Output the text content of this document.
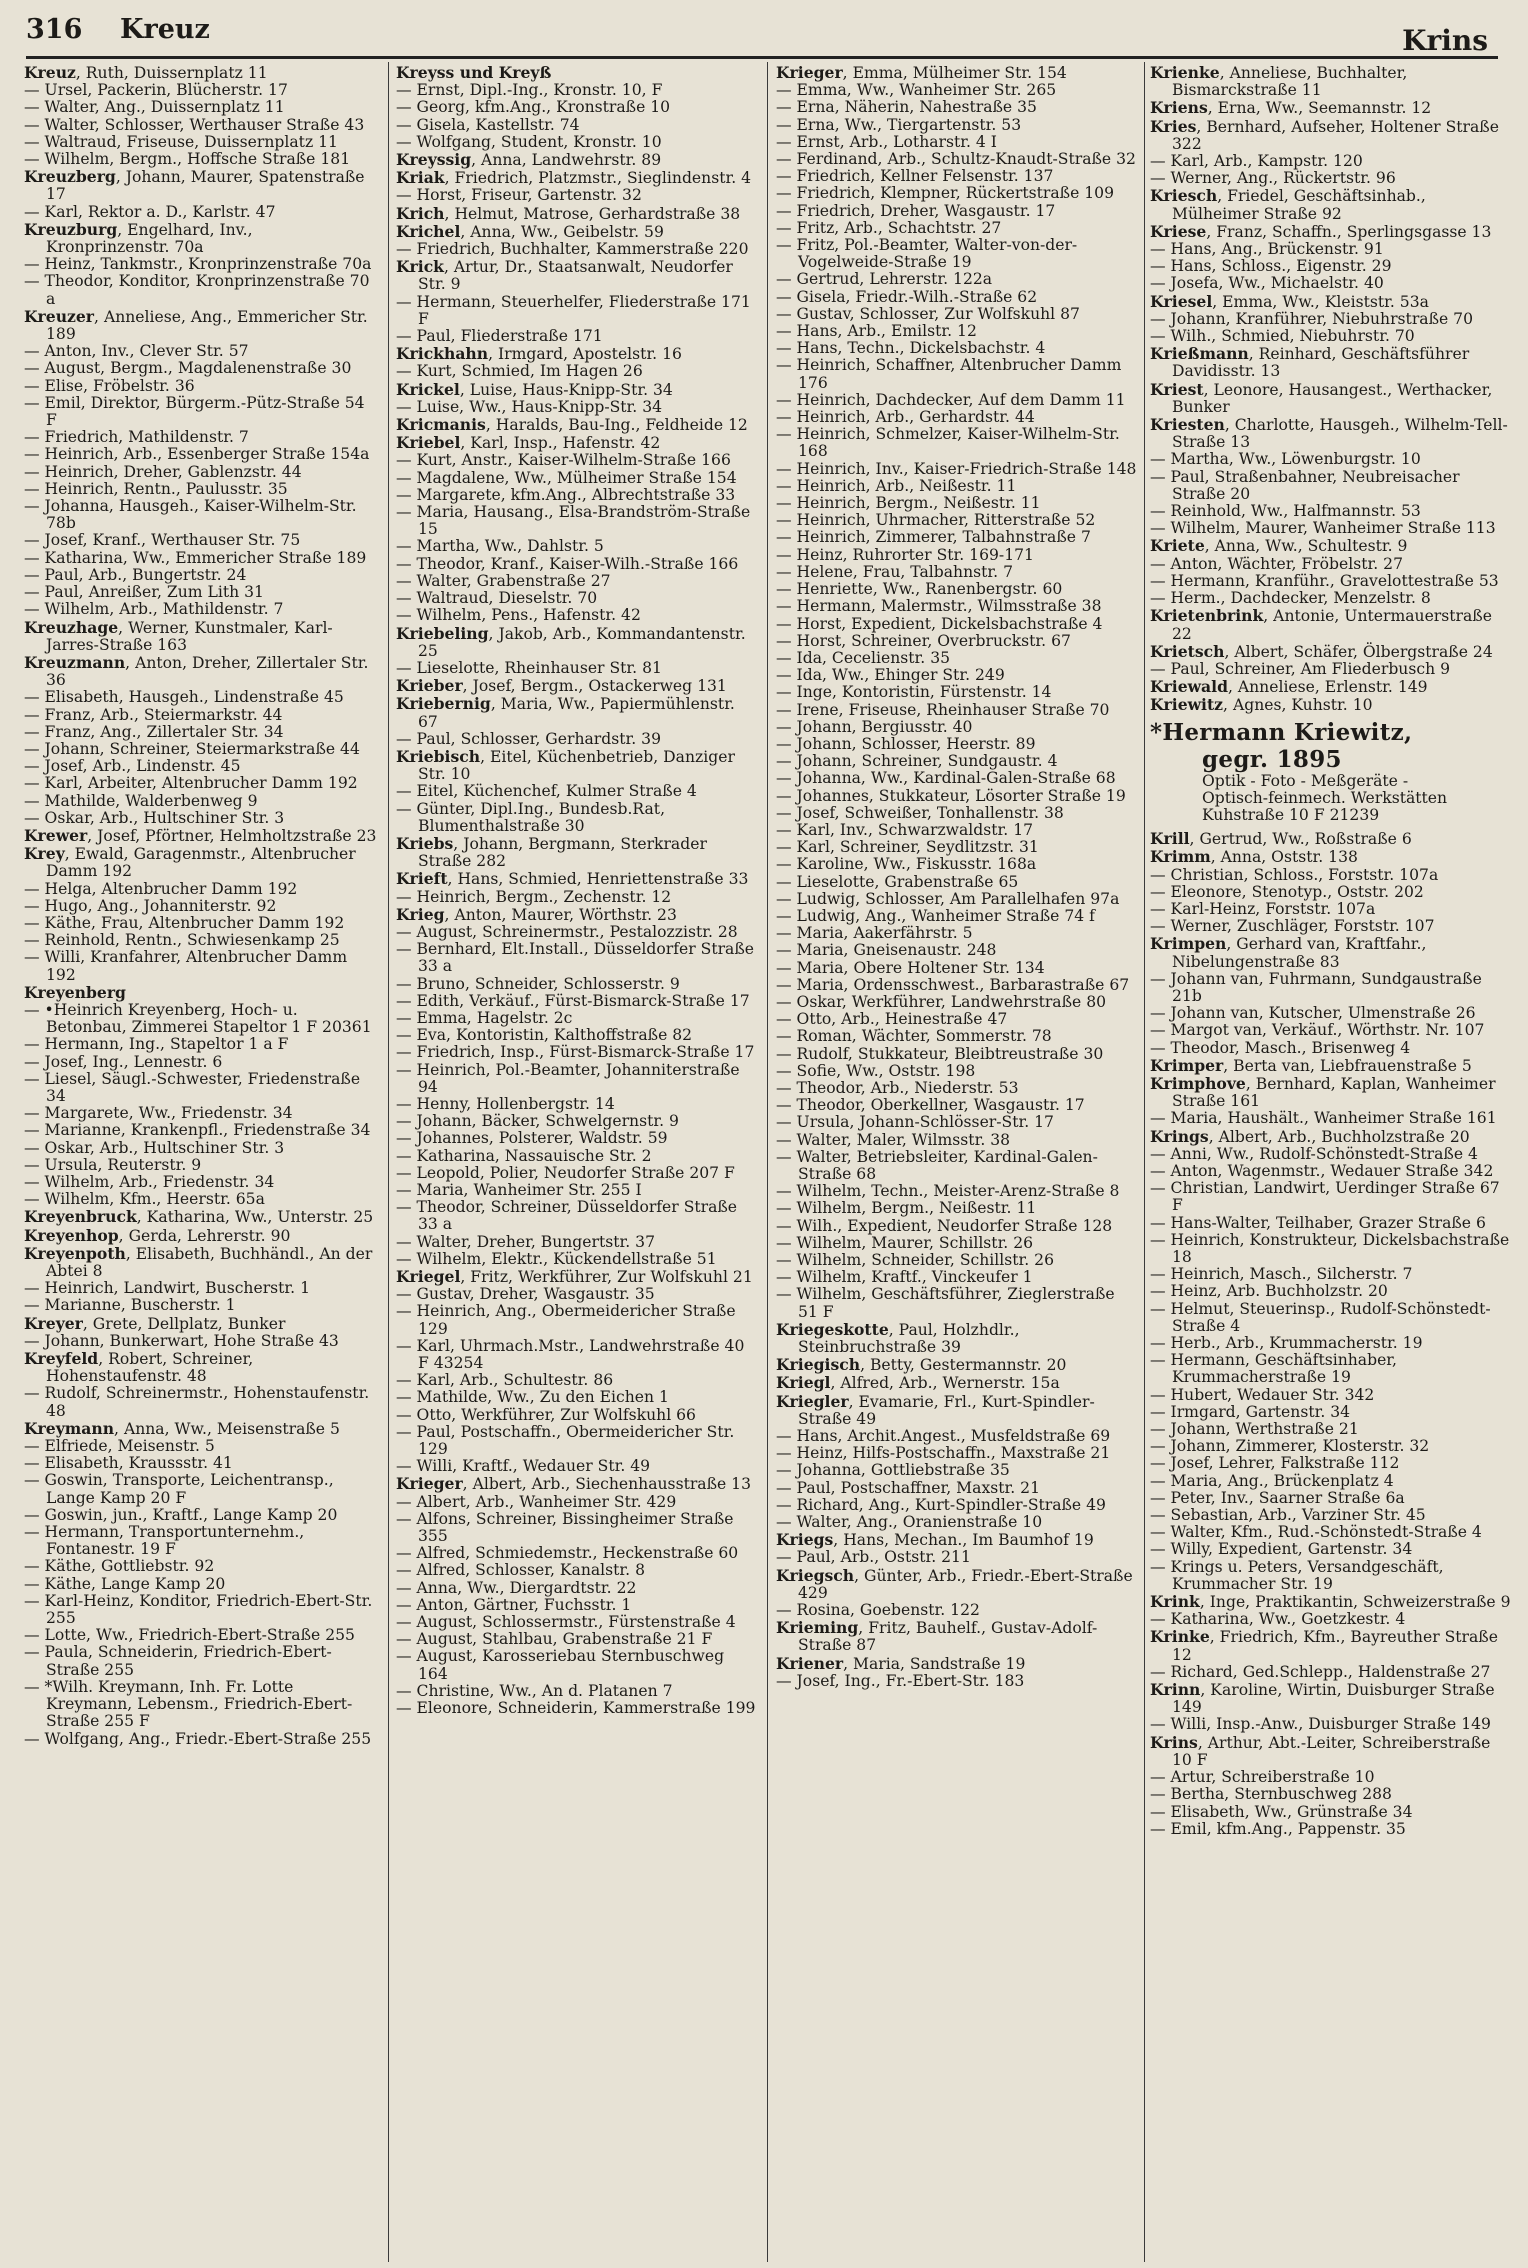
316 Kreuz	Krins

Kreuz, Ruth, Duissernplatz 11

— Ursel, Packerin, Blücherstr. 17

— Walter, Ang., Duissernplatz 11

— Walter, Schlosser, Werthauser Straße 43

— Waltraud, Friseuse, Duissernplatz 11

— Wilhelm, Bergm., Hoffsche Straße 181

Kreuzberg, Johann, Maurer, Spatenstraße 17

— Karl, Rektor a. D., Karlstr. 47

Kreuzburg, Engelhard, Inv., Kronprinzenstr. 70a

— Heinz, Tankmstr., Kronprinzenstraße 70a

— Theodor, Konditor, Kronprinzenstraße 70 a

Kreuzer, Anneliese, Ang., Emmericher Str. 189

— Anton, Inv., Clever Str. 57

— August, Bergm., Magdalenenstraße 30

— Elise, Fröbelstr. 36

— Emil, Direktor, Bürgerm.-Pütz-Straße 54 F

— Friedrich, Mathildenstr. 7

— Heinrich, Arb., Essenberger Straße 154a

— Heinrich, Dreher, Gablenzstr. 44

— Heinrich, Rentn., Paulusstr. 35

— Johanna, Hausgeh., Kaiser-Wilhelm-Str. 78b

— Josef, Kranf., Werthauser Str. 75

— Katharina, Ww., Emmericher Straße 189

— Paul, Arb., Bungertstr. 24

— Paul, Anreißer, Zum Lith 31

— Wilhelm, Arb., Mathildenstr. 7

Kreuzhage, Werner, Kunstmaler, Karl-Jarres-Straße 163

Kreuzmann, Anton, Dreher, Zillertaler Str. 36

— Elisabeth, Hausgeh., Lindenstraße 45

— Franz, Arb., Steiermarkstr. 44

— Franz, Ang., Zillertaler Str. 34

— Johann, Schreiner, Steiermarkstraße 44

— Josef, Arb., Lindenstr. 45

— Karl, Arbeiter, Altenbrucher Damm 192

— Mathilde, Walderbenweg 9

— Oskar, Arb., Hultschiner Str. 3

Krewer, Josef, Pförtner, Helmholtzstraße 23

Krey, Ewald, Garagenmstr., Altenbrucher Damm 192

— Helga, Altenbrucher Damm 192

— Hugo, Ang., Johanniterstr. 92

— Käthe, Frau, Altenbrucher Damm 192

— Reinhold, Rentn., Schwiesenkamp 25

— Willi, Kranfahrer, Altenbrucher Damm 192

Kreyenberg

— •Heinrich Kreyenberg, Hoch- u. Betonbau, Zimmerei Stapeltor 1 F 20361

— Hermann, Ing., Stapeltor 1 a F

— Josef, Ing., Lennestr. 6

— Liesel, Säugl.-Schwester, Friedenstraße 34

— Margarete, Ww., Friedenstr. 34

— Marianne, Krankenpfl., Friedenstraße 34

— Oskar, Arb., Hultschiner Str. 3

— Ursula, Reuterstr. 9

— Wilhelm, Arb., Friedenstr. 34

— Wilhelm, Kfm., Heerstr. 65a

Kreyenbruck, Katharina, Ww., Unterstr. 25

Kreyenhop, Gerda, Lehrerstr. 90

Kreyenpoth, Elisabeth, Buchhändl., An der Abtei 8

— Heinrich, Landwirt, Buscherstr. 1

— Marianne, Buscherstr. 1

Kreyer, Grete, Dellplatz, Bunker

— Johann, Bunkerwart, Hohe Straße 43

Kreyfeld, Robert, Schreiner, Hohenstaufenstr. 48

— Rudolf, Schreinermstr., Hohenstaufenstr. 48

Kreymann, Anna, Ww., Meisenstraße 5

— Elfriede, Meisenstr. 5

— Elisabeth, Kraussstr. 41

— Goswin, Transporte, Leichentransp., Lange Kamp 20 F

— Goswin, jun., Kraftf., Lange Kamp 20

— Hermann, Transportunternehm., Fontanestr. 19 F

— Käthe, Gottliebstr. 92

— Käthe, Lange Kamp 20

— Karl-Heinz, Konditor, Friedrich-Ebert-Str. 255

— Lotte, Ww., Friedrich-Ebert-Straße 255

— Paula, Schneiderin, Friedrich-Ebert-Straße 255

— *Wilh. Kreymann, Inh. Fr. Lotte Kreymann, Lebensm., Friedrich-Ebert-Straße 255 F

— Wolfgang, Ang., Friedr.-Ebert-Straße 255

Kreyss und Kreyß

— Ernst, Dipl.-Ing., Kronstr. 10, F

— Georg, kfm.Ang., Kronstraße 10

— Gisela, Kastellstr. 74

— Wolfgang, Student, Kronstr. 10

Kreyssig, Anna, Landwehrstr. 89

Kriak, Friedrich, Platzmstr., Sieglindenstr. 4

— Horst, Friseur, Gartenstr. 32

Krich, Helmut, Matrose, Gerhardstraße 38

Krichel, Anna, Ww., Geibelstr. 59

— Friedrich, Buchhalter, Kammerstraße 220

Krick, Artur, Dr., Staatsanwalt, Neudorfer Str. 9

— Hermann, Steuerhelfer, Fliederstraße 171 F

— Paul, Fliederstraße 171

Krickhahn, Irmgard, Apostelstr. 16

— Kurt, Schmied, Im Hagen 26

Krickel, Luise, Haus-Knipp-Str. 34

— Luise, Ww., Haus-Knipp-Str. 34

Kricmanis, Haralds, Bau-Ing., Feldheide 12

Kriebel, Karl, Insp., Hafenstr. 42

— Kurt, Anstr., Kaiser-Wilhelm-Straße 166

— Magdalene, Ww., Mülheimer Straße 154

— Margarete, kfm.Ang., Albrechtstraße 33

— Maria, Hausang., Elsa-Brandström-Straße 15

— Martha, Ww., Dahlstr. 5

— Theodor, Kranf., Kaiser-Wilh.-Straße 166

— Walter, Grabenstraße 27

— Waltraud, Dieselstr. 70

— Wilhelm, Pens., Hafenstr. 42

Kriebeling, Jakob, Arb., Kommandantenstr. 25

— Lieselotte, Rheinhauser Str. 81

Krieber, Josef, Bergm., Ostackerweg 131

Kriebernig, Maria, Ww., Papiermühlenstr. 67

— Paul, Schlosser, Gerhardstr. 39

Kriebisch, Eitel, Küchenbetrieb, Danziger Str. 10

— Eitel, Küchenchef, Kulmer Straße 4

— Günter, Dipl.Ing., Bundesb.Rat, Blumenthalstraße 30

Kriebs, Johann, Bergmann, Sterkrader Straße 282

Krieft, Hans, Schmied, Henriettenstraße 33

— Heinrich, Bergm., Zechenstr. 12

Krieg, Anton, Maurer, Wörthstr. 23

— August, Schreinermstr., Pestalozzistr. 28

— Bernhard, Elt.Install., Düsseldorfer Straße 33 a

— Bruno, Schneider, Schlosserstr. 9

— Edith, Verkäuf., Fürst-Bismarck-Straße 17

— Emma, Hagelstr. 2c

— Eva, Kontoristin, Kalthoffstraße 82

— Friedrich, Insp., Fürst-Bismarck-Straße 17

— Heinrich, Pol.-Beamter, Johanniterstraße 94

— Henny, Hollenbergstr. 14

— Johann, Bäcker, Schwelgernstr. 9

— Johannes, Polsterer, Waldstr. 59

— Katharina, Nassauische Str. 2

— Leopold, Polier, Neudorfer Straße 207 F

— Maria, Wanheimer Str. 255 I

— Theodor, Schreiner, Düsseldorfer Straße 33 a

— Walter, Dreher, Bungertstr. 37

— Wilhelm, Elektr., Kückendellstraße 51

Kriegel, Fritz, Werkführer, Zur Wolfskuhl 21

— Gustav, Dreher, Wasgaustr. 35

— Heinrich, Ang., Obermeidericher Straße 129

— Karl, Uhrmach.Mstr., Landwehrstraße 40 F 43254

— Karl, Arb., Schultestr. 86

— Mathilde, Ww., Zu den Eichen 1

— Otto, Werkführer, Zur Wolfskuhl 66

— Paul, Postschaffn., Obermeidericher Str. 129

— Willi, Kraftf., Wedauer Str. 49

Krieger, Albert, Arb., Siechenhausstraße 13

— Albert, Arb., Wanheimer Str. 429

— Alfons, Schreiner, Bissingheimer Straße 355

— Alfred, Schmiedemstr., Heckenstraße 60

— Alfred, Schlosser, Kanalstr. 8

— Anna, Ww., Diergardtstr. 22

— Anton, Gärtner, Fuchsstr. 1

— August, Schlossermstr., Fürstenstraße 4

— August, Stahlbau, Grabenstraße 21 F

— August, Karosseriebau Sternbuschweg 164

— Christine, Ww., An d. Platanen 7

— Eleonore, Schneiderin, Kammerstraße 199

Krieger, Emma, Mülheimer Str. 154

— Emma, Ww., Wanheimer Str. 265

— Erna, Näherin, Nahestraße 35

— Erna, Ww., Tiergartenstr. 53

— Ernst, Arb., Lotharstr. 4 I

— Ferdinand, Arb., Schultz-Knaudt-Straße 32

— Friedrich, Kellner Felsenstr. 137

— Friedrich, Klempner, Rückertstraße 109

— Friedrich, Dreher, Wasgaustr. 17

— Fritz, Arb., Schachtstr. 27

— Fritz, Pol.-Beamter, Walter-von-der-Vogelweide-Straße 19

— Gertrud, Lehrerstr. 122a

— Gisela, Friedr.-Wilh.-Straße 62

— Gustav, Schlosser, Zur Wolfskuhl 87

— Hans, Arb., Emilstr. 12

— Hans, Techn., Dickelsbachstr. 4

— Heinrich, Schaffner, Altenbrucher Damm 176

— Heinrich, Dachdecker, Auf dem Damm 11

— Heinrich, Arb., Gerhardstr. 44

— Heinrich, Schmelzer, Kaiser-Wilhelm-Str. 168

— Heinrich, Inv., Kaiser-Friedrich-Straße 148

— Heinrich, Arb., Neißestr. 11

— Heinrich, Bergm., Neißestr. 11

— Heinrich, Uhrmacher, Ritterstraße 52

— Heinrich, Zimmerer, Talbahnstraße 7

— Heinz, Ruhrorter Str. 169-171

— Helene, Frau, Talbahnstr. 7

— Henriette, Ww., Ranenbergstr. 60

— Hermann, Malermstr., Wilmsstraße 38

— Horst, Expedient, Dickelsbachstraße 4

— Horst, Schreiner, Overbruckstr. 67

— Ida, Cecelienstr. 35

— Ida, Ww., Ehinger Str. 249

— Inge, Kontoristin, Fürstenstr. 14

— Irene, Friseuse, Rheinhauser Straße 70

— Johann, Bergiusstr. 40

— Johann, Schlosser, Heerstr. 89

— Johann, Schreiner, Sundgaustr. 4

— Johanna, Ww., Kardinal-Galen-Straße 68

— Johannes, Stukkateur, Lösorter Straße 19

— Josef, Schweißer, Tonhallenstr. 38

— Karl, Inv., Schwarzwaldstr. 17

— Karl, Schreiner, Seydlitzstr. 31

— Karoline, Ww., Fiskusstr. 168a

— Lieselotte, Grabenstraße 65

— Ludwig, Schlosser, Am Parallelhafen 97a

— Ludwig, Ang., Wanheimer Straße 74 f

— Maria, Aakerfährstr. 5

— Maria, Gneisenaustr. 248

— Maria, Obere Holtener Str. 134

— Maria, Ordensschwest., Barbarastraße 67

— Oskar, Werkführer, Landwehrstraße 80

— Otto, Arb., Heinestraße 47

— Roman, Wächter, Sommerstr. 78

— Rudolf, Stukkateur, Bleibtreustraße 30

— Sofie, Ww., Oststr. 198

— Theodor, Arb., Niederstr. 53

— Theodor, Oberkellner, Wasgaustr. 17

— Ursula, Johann-Schlösser-Str. 17

— Walter, Maler, Wilmsstr. 38

— Walter, Betriebsleiter, Kardinal-Galen-Straße 68

— Wilhelm, Techn., Meister-Arenz-Straße 8

— Wilhelm, Bergm., Neißestr. 11

— Wilh., Expedient, Neudorfer Straße 128

— Wilhelm, Maurer, Schillstr. 26

— Wilhelm, Schneider, Schillstr. 26

— Wilhelm, Kraftf., Vinckeufer 1

— Wilhelm, Geschäftsführer, Zieglerstraße 51 F

Kriegeskotte, Paul, Holzhdlr., Steinbruchstraße 39

Kriegisch, Betty, Gestermannstr. 20

Kriegl, Alfred, Arb., Wernerstr. 15a

Kriegler, Evamarie, Frl., Kurt-Spindler-Straße 49

— Hans, Archit.Angest., Musfeldstraße 69

— Heinz, Hilfs-Postschaffn., Maxstraße 21

— Johanna, Gottliebstraße 35

— Paul, Postschaffner, Maxstr. 21

— Richard, Ang., Kurt-Spindler-Straße 49

— Walter, Ang., Oranienstraße 10

Kriegs, Hans, Mechan., Im Baumhof 19

— Paul, Arb., Oststr. 211

Kriegsch, Günter, Arb., Friedr.-Ebert-Straße 429

— Rosina, Goebenstr. 122

Krieming, Fritz, Bauhelf., Gustav-Adolf-Straße 87

Kriener, Maria, Sandstraße 19

— Josef, Ing., Fr.-Ebert-Str. 183

Krienke, Anneliese, Buchhalter, Bismarckstraße 11

Kriens, Erna, Ww., Seemannstr. 12

Kries, Bernhard, Aufseher, Holtener Straße 322

— Karl, Arb., Kampstr. 120

— Werner, Ang., Rückertstr. 96

Kriesch, Friedel, Geschäftsinhab., Mülheimer Straße 92

Kriese, Franz, Schaffn., Sperlingsgasse 13

— Hans, Ang., Brückenstr. 91

— Hans, Schloss., Eigenstr. 29

— Josefa, Ww., Michaelstr. 40

Kriesel, Emma, Ww., Kleiststr. 53a

— Johann, Kranführer, Niebuhrstraße 70

— Wilh., Schmied, Niebuhrstr. 70

Krießmann, Reinhard, Geschäftsführer Davidisstr. 13

Kriest, Leonore, Hausangest., Werthacker, Bunker

Kriesten, Charlotte, Hausgeh., Wilhelm-Tell-Straße 13

— Martha, Ww., Löwenburgstr. 10

— Paul, Straßenbahner, Neubreisacher Straße 20

— Reinhold, Ww., Halfmannstr. 53

— Wilhelm, Maurer, Wanheimer Straße 113

Kriete, Anna, Ww., Schultestr. 9

— Anton, Wächter, Fröbelstr. 27

— Hermann, Kranführ., Gravelottestraße 53

— Herm., Dachdecker, Menzelstr. 8

Krietenbrink, Antonie, Untermauerstraße 22

Krietsch, Albert, Schäfer, Ölbergstraße 24

— Paul, Schreiner, Am Fliederbusch 9

Kriewald, Anneliese, Erlenstr. 149

Kriewitz, Agnes, Kuhstr. 10

*Hermann Kriewitz,
gegr. 1895
Optik - Foto - Meßgeräte -
Optisch-feinmech. Werkstätten
Kuhstraße 10 F 21239

Krill, Gertrud, Ww., Roßstraße 6

Krimm, Anna, Oststr. 138

— Christian, Schloss., Forststr. 107a

— Eleonore, Stenotyp., Oststr. 202

— Karl-Heinz, Forststr. 107a

— Werner, Zuschläger, Forststr. 107

Krimpen, Gerhard van, Kraftfahr., Nibelungenstraße 83

— Johann van, Fuhrmann, Sundgaustraße 21b

— Johann van, Kutscher, Ulmenstraße 26

— Margot van, Verkäuf., Wörthstr. Nr. 107

— Theodor, Masch., Brisenweg 4

Krimper, Berta van, Liebfrauenstraße 5

Krimphove, Bernhard, Kaplan, Wanheimer Straße 161

— Maria, Haushält., Wanheimer Straße 161

Krings, Albert, Arb., Buchholzstraße 20

— Anni, Ww., Rudolf-Schönstedt-Straße 4

— Anton, Wagenmstr., Wedauer Straße 342

— Christian, Landwirt, Uerdinger Straße 67 F

— Hans-Walter, Teilhaber, Grazer Straße 6

— Heinrich, Konstrukteur, Dickelsbachstraße 18

— Heinrich, Masch., Silcherstr. 7

— Heinz, Arb. Buchholzstr. 20

— Helmut, Steuerinsp., Rudolf-Schönstedt-Straße 4

— Herb., Arb., Krummacherstr. 19

— Hermann, Geschäftsinhaber, Krummacherstraße 19

— Hubert, Wedauer Str. 342

— Irmgard, Gartenstr. 34

— Johann, Werthstraße 21

— Johann, Zimmerer, Klosterstr. 32

— Josef, Lehrer, Falkstraße 112

— Maria, Ang., Brückenplatz 4

— Peter, Inv., Saarner Straße 6a

— Sebastian, Arb., Varziner Str. 45

— Walter, Kfm., Rud.-Schönstedt-Straße 4

— Willy, Expedient, Gartenstr. 34

— Krings u. Peters, Versandgeschäft, Krummacher Str. 19

Krink, Inge, Praktikantin, Schweizerstraße 9

— Katharina, Ww., Goetzkestr. 4

Krinke, Friedrich, Kfm., Bayreuther Straße 12

— Richard, Ged.Schlepp., Haldenstraße 27

Krinn, Karoline, Wirtin, Duisburger Straße 149

— Willi, Insp.-Anw., Duisburger Straße 149

Krins, Arthur, Abt.-Leiter, Schreiberstraße 10 F

— Artur, Schreiberstraße 10

— Bertha, Sternbuschweg 288

— Elisabeth, Ww., Grünstraße 34

— Emil, kfm.Ang., Pappenstr. 35
